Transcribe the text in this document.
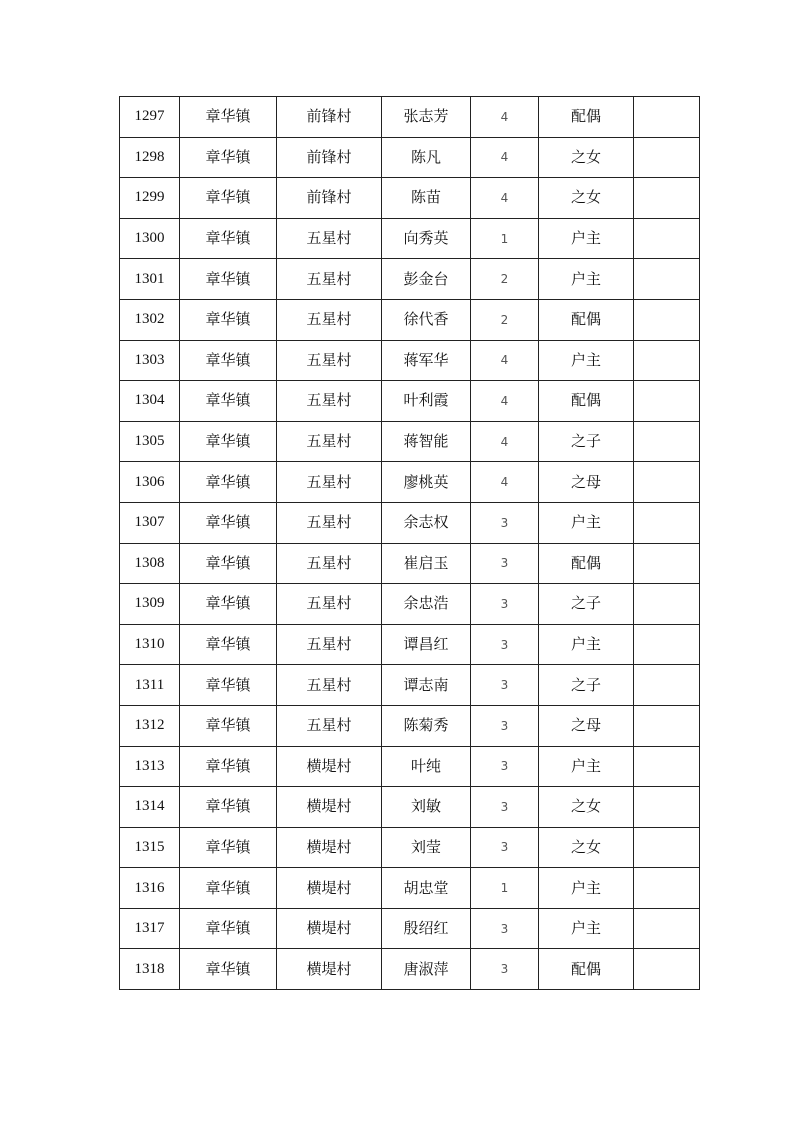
1297	章华镇	前锋村	张志芳	4	配偶	
1298	章华镇	前锋村	陈凡	4	之女	
1299	章华镇	前锋村	陈苗	4	之女	
1300	章华镇	五星村	向秀英	1	户主	
1301	章华镇	五星村	彭金台	2	户主	
1302	章华镇	五星村	徐代香	2	配偶	
1303	章华镇	五星村	蒋军华	4	户主	
1304	章华镇	五星村	叶利霞	4	配偶	
1305	章华镇	五星村	蒋智能	4	之子	
1306	章华镇	五星村	廖桃英	4	之母	
1307	章华镇	五星村	余志权	3	户主	
1308	章华镇	五星村	崔启玉	3	配偶	
1309	章华镇	五星村	余忠浩	3	之子	
1310	章华镇	五星村	谭昌红	3	户主	
1311	章华镇	五星村	谭志南	3	之子	
1312	章华镇	五星村	陈菊秀	3	之母	
1313	章华镇	横堤村	叶纯	3	户主	
1314	章华镇	横堤村	刘敏	3	之女	
1315	章华镇	横堤村	刘莹	3	之女	
1316	章华镇	横堤村	胡忠堂	1	户主	
1317	章华镇	横堤村	殷绍红	3	户主	
1318	章华镇	横堤村	唐淑萍	3	配偶	
